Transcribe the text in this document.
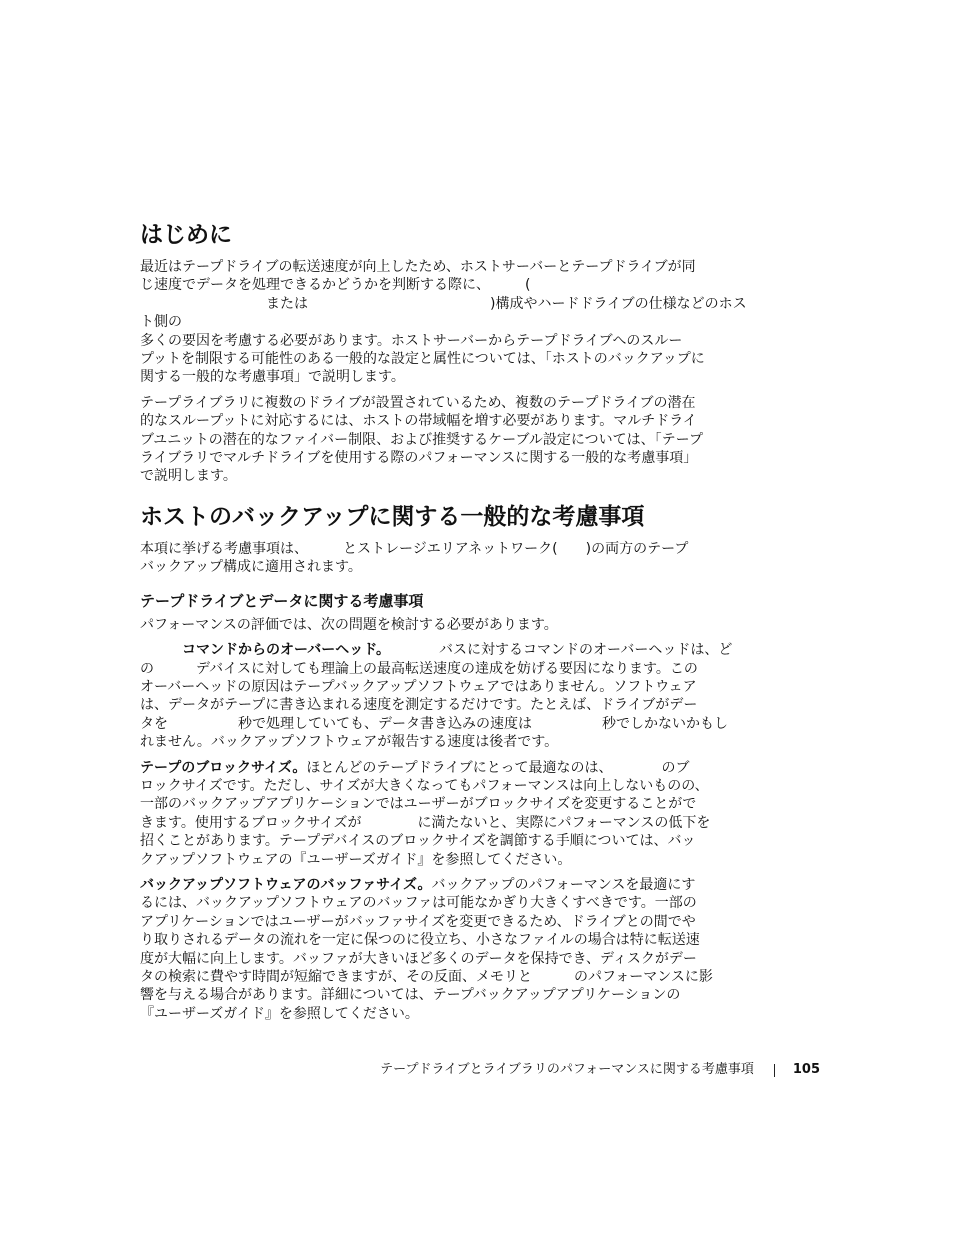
はじめに
最近はテープドライブの転送速度が向上したため、ホストサーバーとテープドライブが同
じ速度でデータを処理できるかどうかを判断する際に、　　　(
　　　　　　　　　または　　　　　　　　　　　　　)構成やハードドライブの仕様などのホスト側の
多くの要因を考慮する必要があります。ホストサーバーからテープドライブへのスルー
プットを制限する可能性のある一般的な設定と属性については、「ホストのバックアップに
関する一般的な考慮事項」で説明します。
テープライブラリに複数のドライブが設置されているため、複数のテープドライブの潜在
的なスループットに対応するには、ホストの帯域幅を増す必要があります。マルチドライ
ブユニットの潜在的なファイバー制限、および推奨するケーブル設定については、「テープ
ライブラリでマルチドライブを使用する際のパフォーマンスに関する一般的な考慮事項」
で説明します。
ホストのバックアップに関する一般的な考慮事項
本項に挙げる考慮事項は、　　　とストレージエリアネットワーク(　　)の両方のテープ
バックアップ構成に適用されます。
テープドライブとデータに関する考慮事項
パフォーマンスの評価では、次の問題を検討する必要があります。
　　　コマンドからのオーバーヘッド。	　　　　バスに対するコマンドのオーバーヘッドは、ど
の　　　デバイスに対しても理論上の最高転送速度の達成を妨げる要因になります。この
オーバーヘッドの原因はテープバックアップソフトウェアではありません。ソフトウェア
は、データがテープに書き込まれる速度を測定するだけです。たとえば、ドライブがデー
タを　　　　　秒で処理していても、データ書き込みの速度は　　　　　秒でしかないかもし
れません。バックアップソフトウェアが報告する速度は後者です。
テープのブロックサイズ。ほとんどのテープドライブにとって最適なのは、　　　　のブ
ロックサイズです。ただし、サイズが大きくなってもパフォーマンスは向上しないものの、
一部のバックアップアプリケーションではユーザーがブロックサイズを変更することがで
きます。使用するブロックサイズが　　　　に満たないと、実際にパフォーマンスの低下を
招くことがあります。テープデバイスのブロックサイズを調節する手順については、バッ
クアップソフトウェアの『ユーザーズガイド』を参照してください。
バックアップソフトウェアのバッファサイズ。バックアップのパフォーマンスを最適にす
るには、バックアップソフトウェアのバッファは可能なかぎり大きくすべきです。一部の
アプリケーションではユーザーがバッファサイズを変更できるため、ドライブとの間でや
り取りされるデータの流れを一定に保つのに役立ち、小さなファイルの場合は特に転送速
度が大幅に向上します。バッファが大きいほど多くのデータを保持でき、ディスクがデー
タの検索に費やす時間が短縮できますが、その反面、メモリと　　　のパフォーマンスに影
響を与える場合があります。詳細については、テープバックアップアプリケーションの
『ユーザーズガイド』を参照してください。
テープドライブとライブラリのパフォーマンスに関する考慮事項	105
